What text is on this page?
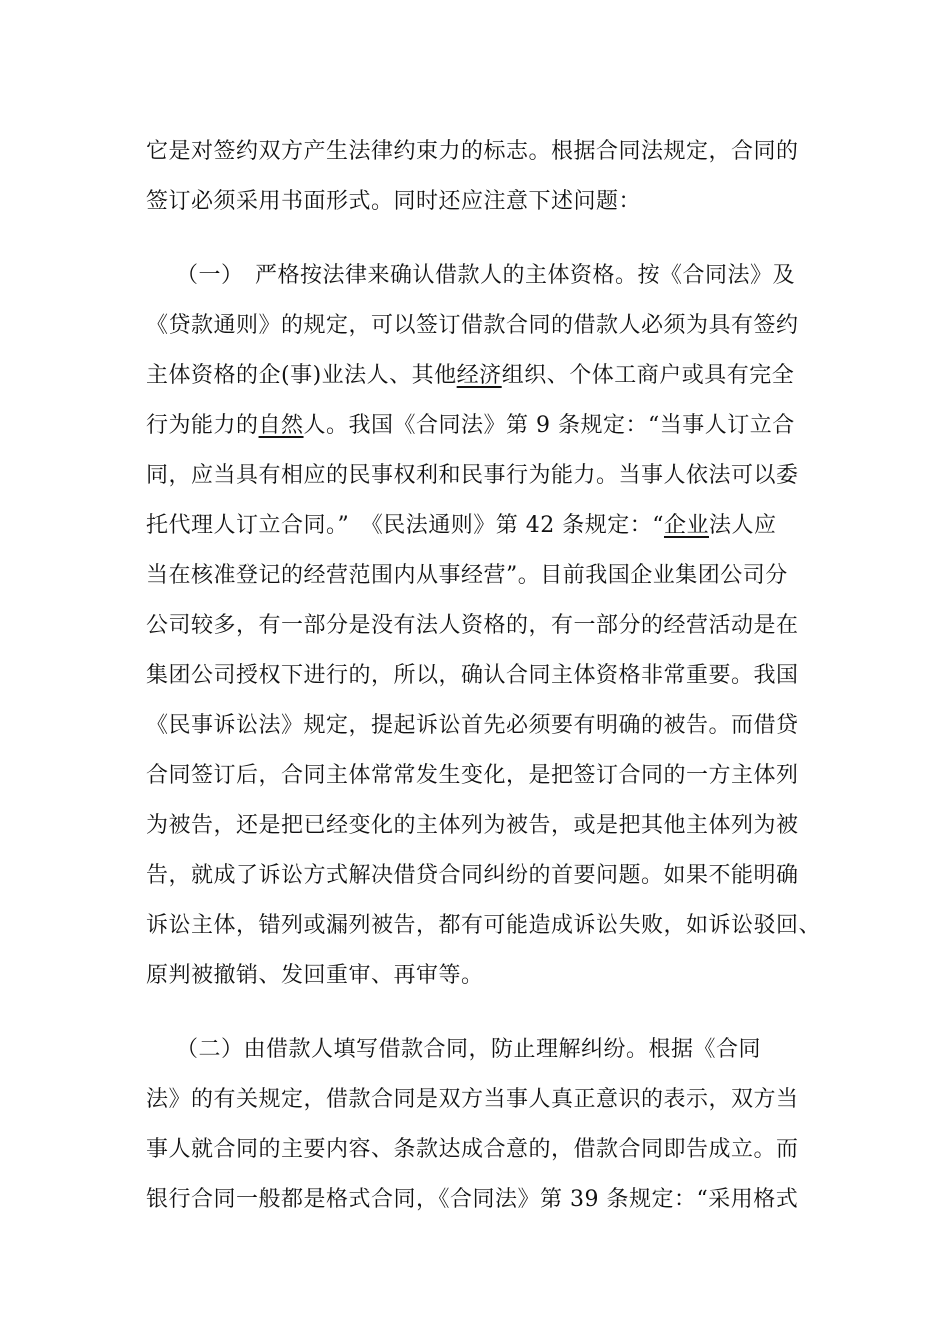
它是对签约双方产生法律约束力的标志。根据合同法规定，合同的
签订必须采用书面形式。同时还应注意下述问题：
（一）　严格按法律来确认借款人的主体资格。按《合同法》及
《贷款通则》的规定，可以签订借款合同的借款人必须为具有签约
主体资格的企(事)业法人、其他经济组织、个体工商户或具有完全
行为能力的自然人。我国《合同法》第 9 条规定：“当事人订立合
同，应当具有相应的民事权利和民事行为能力。当事人依法可以委
托代理人订立合同。”　《民法通则》第 42 条规定：“企业法人应
当在核准登记的经营范围内从事经营”。目前我国企业集团公司分
公司较多，有一部分是没有法人资格的，有一部分的经营活动是在
集团公司授权下进行的，所以，确认合同主体资格非常重要。我国
《民事诉讼法》规定，提起诉讼首先必须要有明确的被告。而借贷
合同签订后，合同主体常常发生变化，是把签订合同的一方主体列
为被告，还是把已经变化的主体列为被告，或是把其他主体列为被
告，就成了诉讼方式解决借贷合同纠纷的首要问题。如果不能明确
诉讼主体，错列或漏列被告，都有可能造成诉讼失败，如诉讼驳回、
原判被撤销、发回重审、再审等。
（二）由借款人填写借款合同，防止理解纠纷。根据《合同
法》的有关规定，借款合同是双方当事人真正意识的表示，双方当
事人就合同的主要内容、条款达成合意的，借款合同即告成立。而
银行合同一般都是格式合同，《合同法》第 39 条规定：“采用格式
